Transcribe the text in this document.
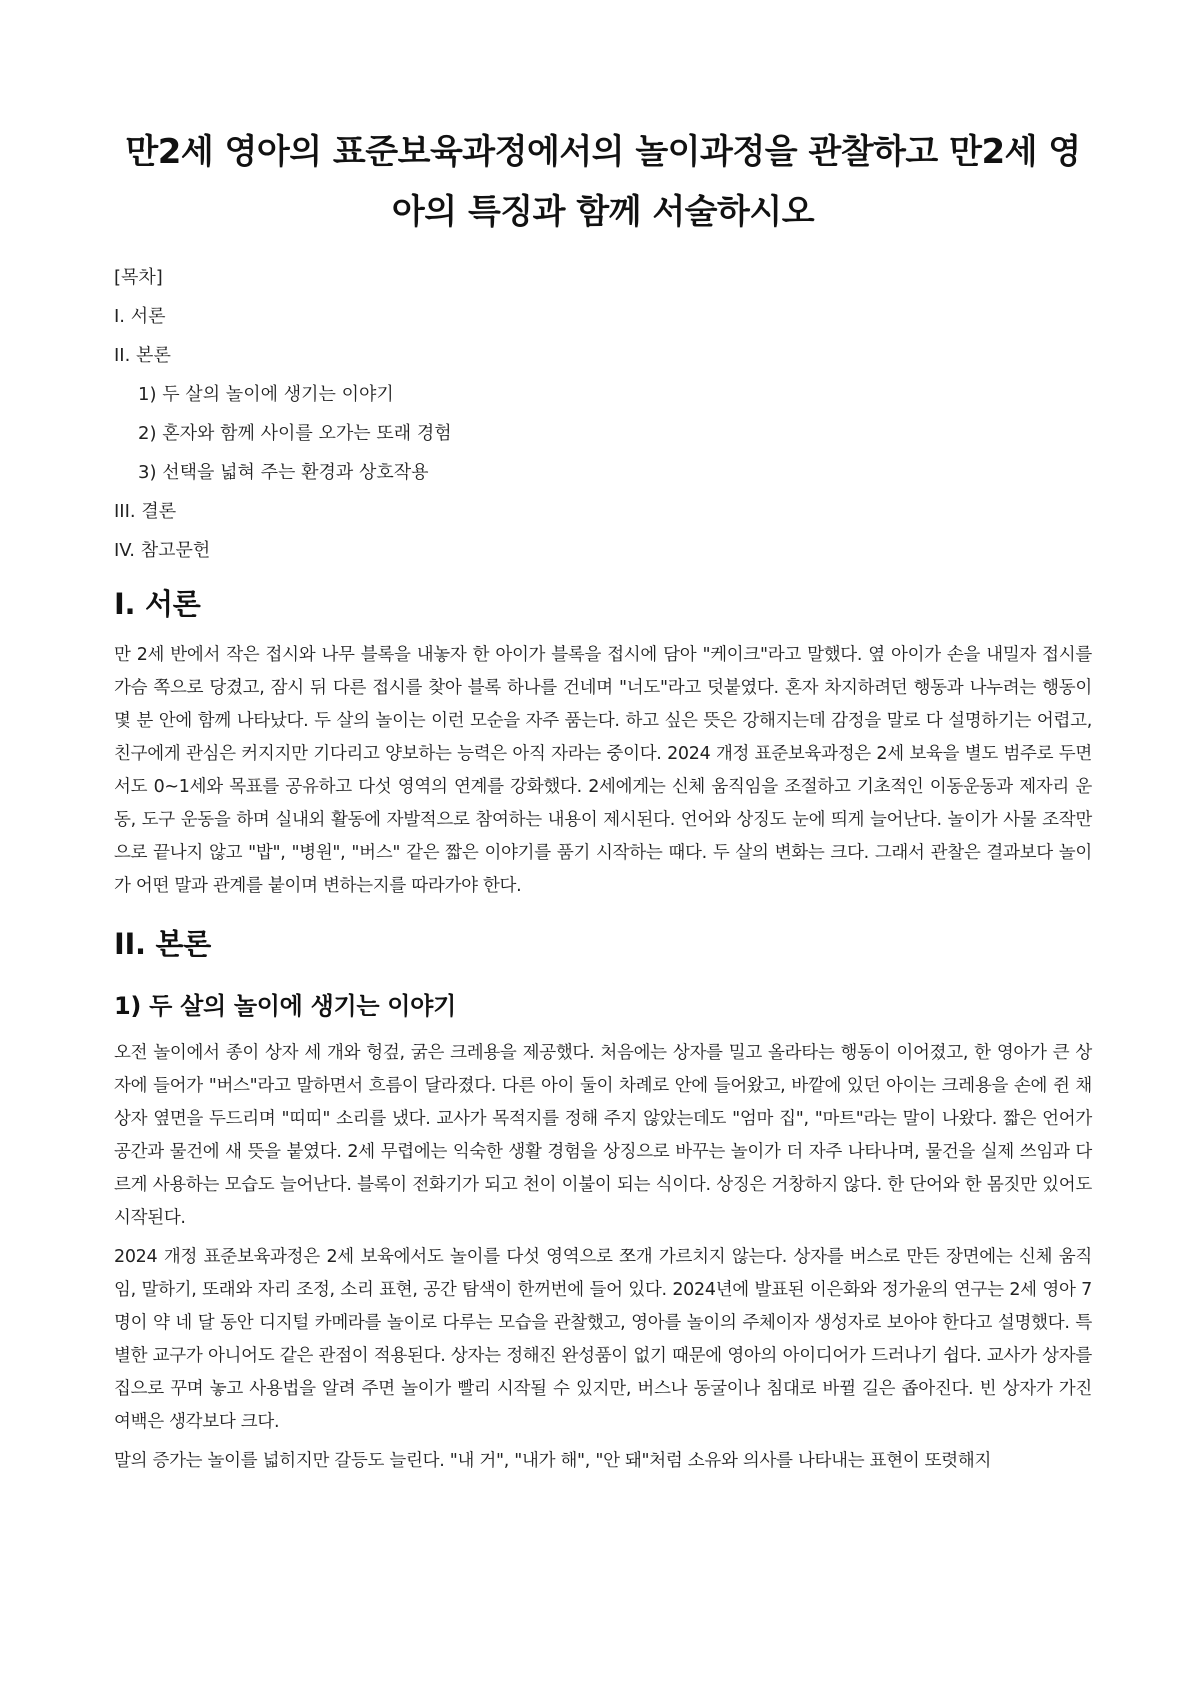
만2세 영아의 표준보육과정에서의 놀이과정을 관찰하고 만2세 영아의 특징과 함께 서술하시오
[목차]
I. 서론
II. 본론
1) 두 살의 놀이에 생기는 이야기
2) 혼자와 함께 사이를 오가는 또래 경험
3) 선택을 넓혀 주는 환경과 상호작용
III. 결론
IV. 참고문헌
I. 서론

만 2세 반에서 작은 접시와 나무 블록을 내놓자 한 아이가 블록을 접시에 담아 "케이크"라고 말했다. 옆 아이가 손을 내밀자 접시를 가슴 쪽으로 당겼고, 잠시 뒤 다른 접시를 찾아 블록 하나를 건네며 "너도"라고 덧붙였다. 혼자 차지하려던 행동과 나누려는 행동이 몇 분 안에 함께 나타났다. 두 살의 놀이는 이런 모순을 자주 품는다. 하고 싶은 뜻은 강해지는데 감정을 말로 다 설명하기는 어렵고, 친구에게 관심은 커지지만 기다리고 양보하는 능력은 아직 자라는 중이다. 2024 개정 표준보육과정은 2세 보육을 별도 범주로 두면서도 0~1세와 목표를 공유하고 다섯 영역의 연계를 강화했다. 2세에게는 신체 움직임을 조절하고 기초적인 이동운동과 제자리 운동, 도구 운동을 하며 실내외 활동에 자발적으로 참여하는 내용이 제시된다. 언어와 상징도 눈에 띄게 늘어난다. 놀이가 사물 조작만으로 끝나지 않고 "밥", "병원", "버스" 같은 짧은 이야기를 품기 시작하는 때다. 두 살의 변화는 크다. 그래서 관찰은 결과보다 놀이가 어떤 말과 관계를 붙이며 변하는지를 따라가야 한다.

II. 본론
1) 두 살의 놀이에 생기는 이야기

오전 놀이에서 종이 상자 세 개와 헝겊, 굵은 크레용을 제공했다. 처음에는 상자를 밀고 올라타는 행동이 이어졌고, 한 영아가 큰 상자에 들어가 "버스"라고 말하면서 흐름이 달라졌다. 다른 아이 둘이 차례로 안에 들어왔고, 바깥에 있던 아이는 크레용을 손에 쥔 채 상자 옆면을 두드리며 "띠띠" 소리를 냈다. 교사가 목적지를 정해 주지 않았는데도 "엄마 집", "마트"라는 말이 나왔다. 짧은 언어가 공간과 물건에 새 뜻을 붙였다. 2세 무렵에는 익숙한 생활 경험을 상징으로 바꾸는 놀이가 더 자주 나타나며, 물건을 실제 쓰임과 다르게 사용하는 모습도 늘어난다. 블록이 전화기가 되고 천이 이불이 되는 식이다. 상징은 거창하지 않다. 한 단어와 한 몸짓만 있어도 시작된다.

2024 개정 표준보육과정은 2세 보육에서도 놀이를 다섯 영역으로 쪼개 가르치지 않는다. 상자를 버스로 만든 장면에는 신체 움직임, 말하기, 또래와 자리 조정, 소리 표현, 공간 탐색이 한꺼번에 들어 있다. 2024년에 발표된 이은화와 정가윤의 연구는 2세 영아 7명이 약 네 달 동안 디지털 카메라를 놀이로 다루는 모습을 관찰했고, 영아를 놀이의 주체이자 생성자로 보아야 한다고 설명했다. 특별한 교구가 아니어도 같은 관점이 적용된다. 상자는 정해진 완성품이 없기 때문에 영아의 아이디어가 드러나기 쉽다. 교사가 상자를 집으로 꾸며 놓고 사용법을 알려 주면 놀이가 빨리 시작될 수 있지만, 버스나 동굴이나 침대로 바뀔 길은 좁아진다. 빈 상자가 가진 여백은 생각보다 크다.

말의 증가는 놀이를 넓히지만 갈등도 늘린다. "내 거", "내가 해", "안 돼"처럼 소유와 의사를 나타내는 표현이 또렷해지
